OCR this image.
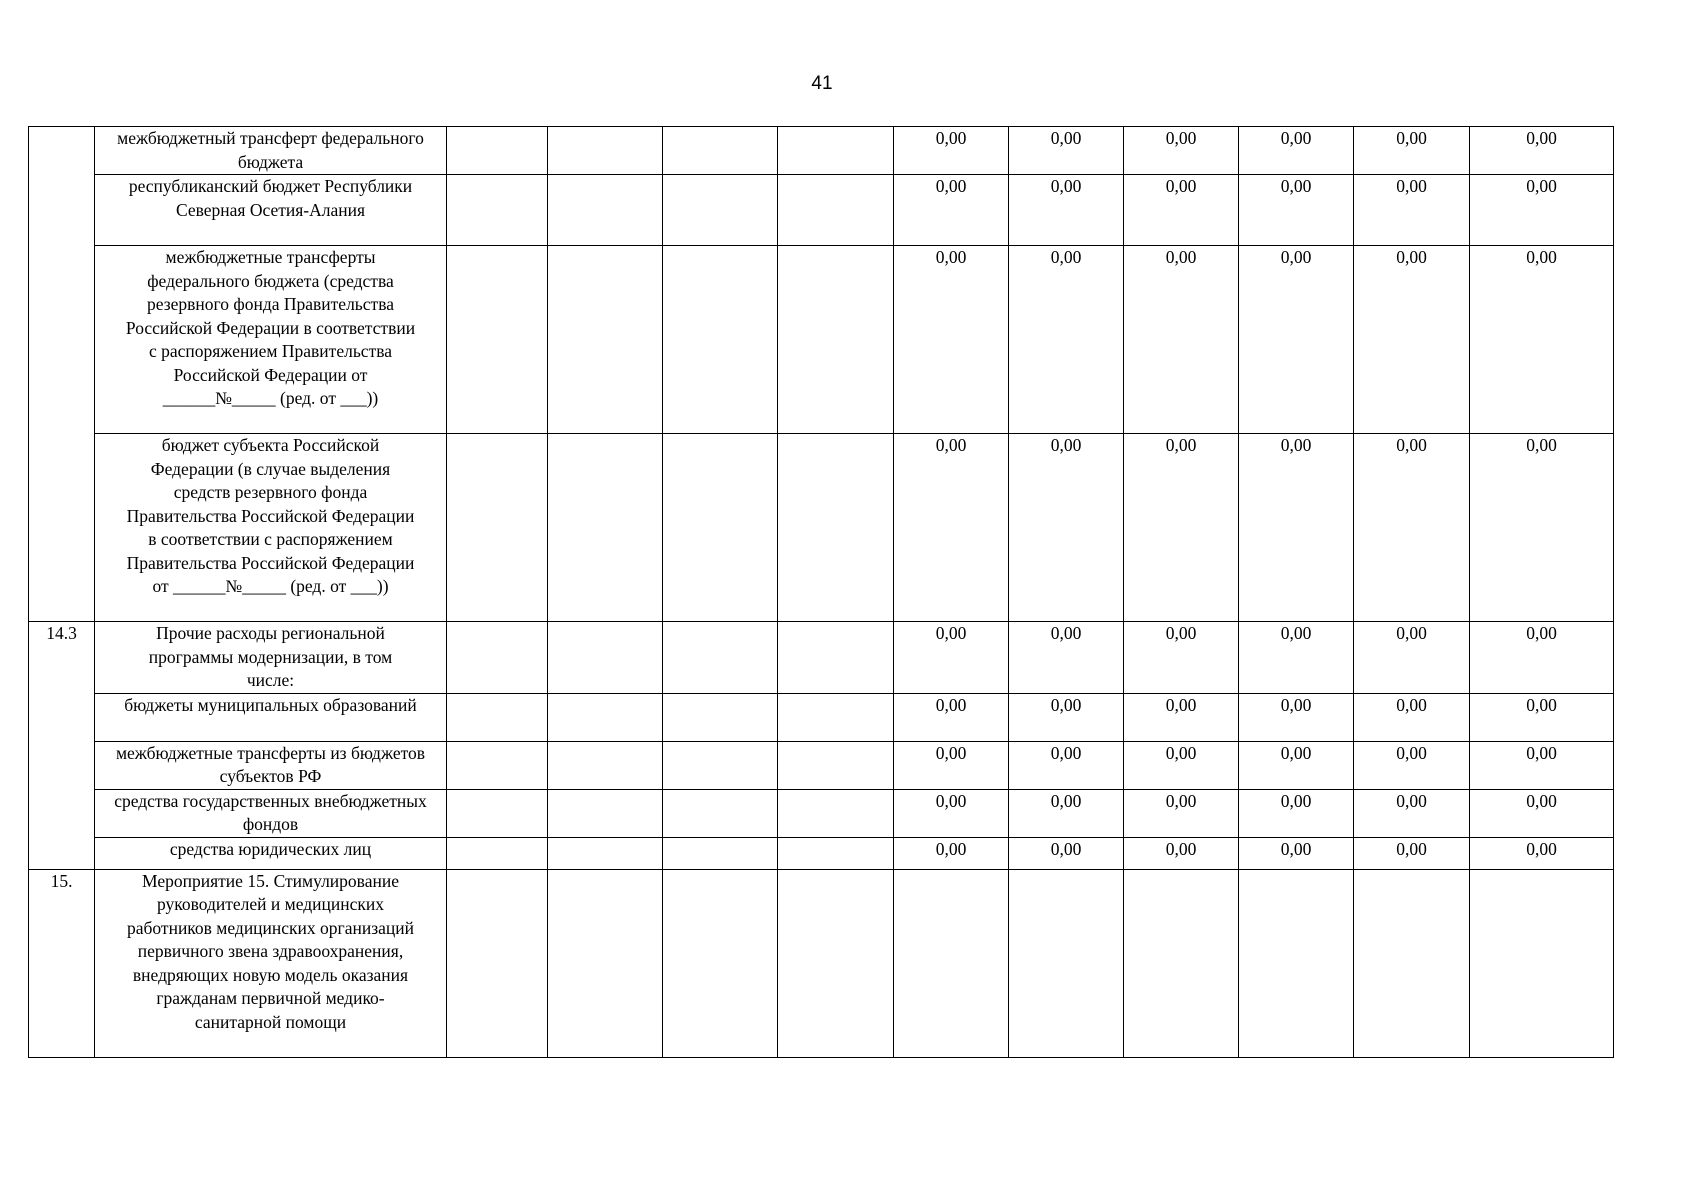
41

	межбюджетный трансферт федерального бюджета					0,00	0,00	0,00	0,00	0,00	0,00

	республиканский бюджет Республики Северная Осетия-Алания					0,00	0,00	0,00	0,00	0,00	0,00

	межбюджетные трансферты федерального бюджета (средства резервного фонда Правительства Российской Федерации в соответствии с распоряжением Правительства Российской Федерации от ______№_____ (ред. от ___))					0,00	0,00	0,00	0,00	0,00	0,00

	бюджет субъекта Российской Федерации (в случае выделения средств резервного фонда Правительства Российской Федерации в соответствии с распоряжением Правительства Российской Федерации от ______№_____ (ред. от ___))					0,00	0,00	0,00	0,00	0,00	0,00
14.3	Прочие расходы региональной программы модернизации, в том числе:					0,00	0,00	0,00	0,00	0,00	0,00

	бюджеты муниципальных образований					0,00	0,00	0,00	0,00	0,00	0,00

	межбюджетные трансферты из бюджетов субъектов РФ					0,00	0,00	0,00	0,00	0,00	0,00

	средства государственных внебюджетных фондов					0,00	0,00	0,00	0,00	0,00	0,00

	средства юридических лиц					0,00	0,00	0,00	0,00	0,00	0,00
15.	Мероприятие 15. Стимулирование руководителей и медицинских работников медицинских организаций первичного звена здравоохранения, внедряющих новую модель оказания гражданам первичной медико-санитарной помощи										
